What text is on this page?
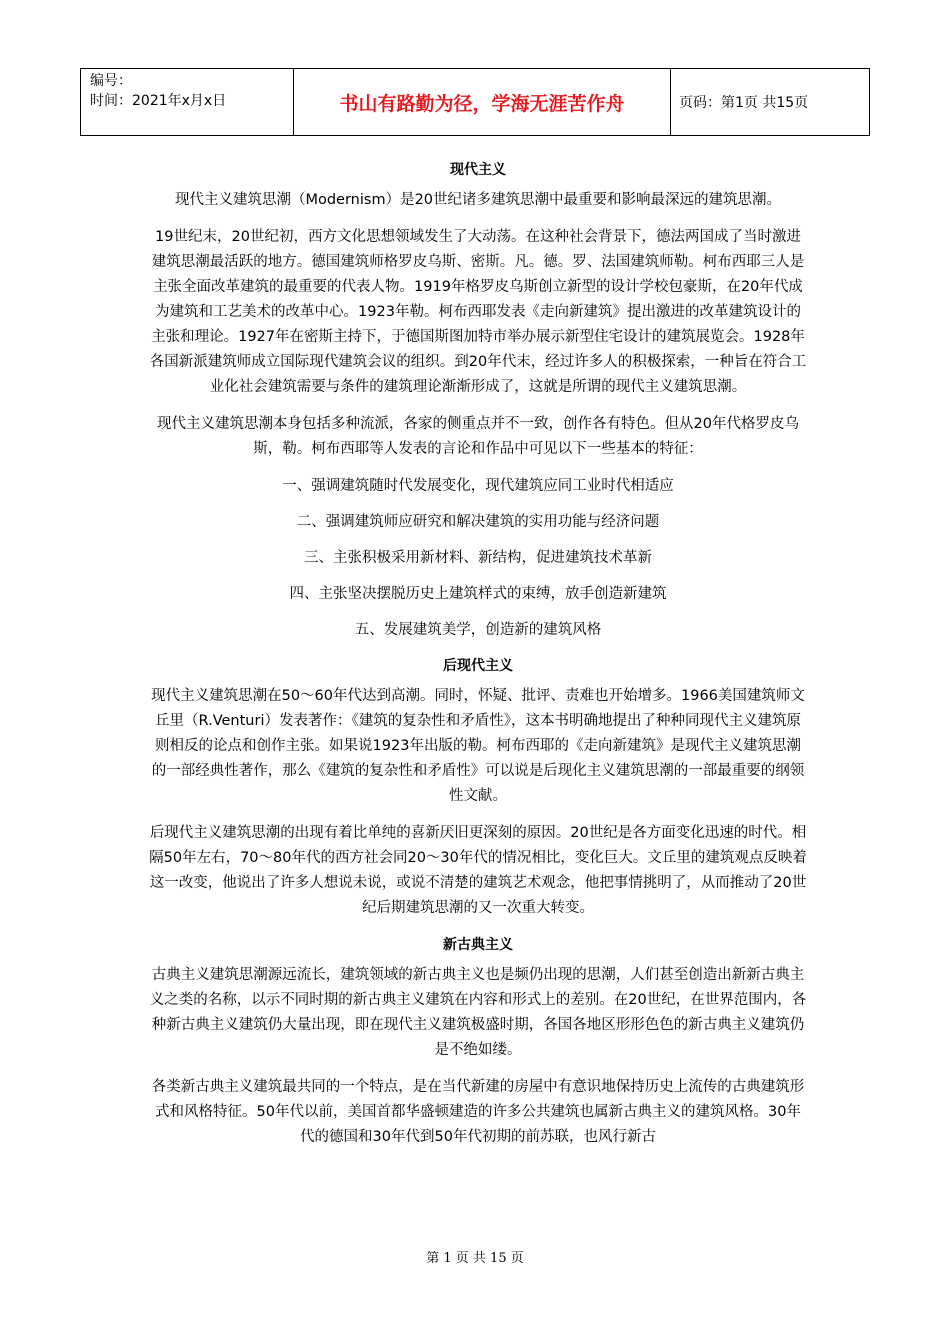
编号：
时间：2021年x月x日	书山有路勤为径，学海无涯苦作舟	页码：第1页 共15页
现代主义

现代主义建筑思潮（Modernism）是20世纪诸多建筑思潮中最重要和影响最深远的建筑思潮。

19世纪末，20世纪初，西方文化思想领域发生了大动荡。在这种社会背景下，德法两国成了当时激进建筑思潮最活跃的地方。德国建筑师格罗皮乌斯、密斯。凡。德。罗、法国建筑师勒。柯布西耶三人是主张全面改革建筑的最重要的代表人物。1919年格罗皮乌斯创立新型的设计学校包豪斯，在20年代成为建筑和工艺美术的改革中心。1923年勒。柯布西耶发表《走向新建筑》提出激进的改革建筑设计的主张和理论。1927年在密斯主持下，于德国斯图加特市举办展示新型住宅设计的建筑展览会。1928年各国新派建筑师成立国际现代建筑会议的组织。到20年代末，经过许多人的积极探索，一种旨在符合工业化社会建筑需要与条件的建筑理论渐渐形成了，这就是所谓的现代主义建筑思潮。

现代主义建筑思潮本身包括多种流派，各家的侧重点并不一致，创作各有特色。但从20年代格罗皮乌斯，勒。柯布西耶等人发表的言论和作品中可见以下一些基本的特征：

一、强调建筑随时代发展变化，现代建筑应同工业时代相适应
二、强调建筑师应研究和解决建筑的实用功能与经济问题
三、主张积极采用新材料、新结构，促进建筑技术革新
四、主张坚决摆脱历史上建筑样式的束缚，放手创造新建筑
五、发展建筑美学，创造新的建筑风格
后现代主义

现代主义建筑思潮在50～60年代达到高潮。同时，怀疑、批评、责难也开始增多。1966美国建筑师文丘里（R.Venturi）发表著作：《建筑的复杂性和矛盾性》，这本书明确地提出了种种同现代主义建筑原则相反的论点和创作主张。如果说1923年出版的勒。柯布西耶的《走向新建筑》是现代主义建筑思潮的一部经典性著作，那么《建筑的复杂性和矛盾性》可以说是后现化主义建筑思潮的一部最重要的纲领性文献。

后现代主义建筑思潮的出现有着比单纯的喜新厌旧更深刻的原因。20世纪是各方面变化迅速的时代。相隔50年左右，70～80年代的西方社会同20～30年代的情况相比，变化巨大。文丘里的建筑观点反映着这一改变，他说出了许多人想说未说，或说不清楚的建筑艺术观念，他把事情挑明了，从而推动了20世纪后期建筑思潮的又一次重大转变。

新古典主义

古典主义建筑思潮源远流长，建筑领域的新古典主义也是频仍出现的思潮，人们甚至创造出新新古典主义之类的名称，以示不同时期的新古典主义建筑在内容和形式上的差别。在20世纪，在世界范围内，各种新古典主义建筑仍大量出现，即在现代主义建筑极盛时期，各国各地区形形色色的新古典主义建筑仍是不绝如缕。

各类新古典主义建筑最共同的一个特点，是在当代新建的房屋中有意识地保持历史上流传的古典建筑形式和风格特征。50年代以前，美国首都华盛顿建造的许多公共建筑也属新古典主义的建筑风格。30年代的德国和30年代到50年代初期的前苏联，也风行新古

第 1 页 共 15 页
